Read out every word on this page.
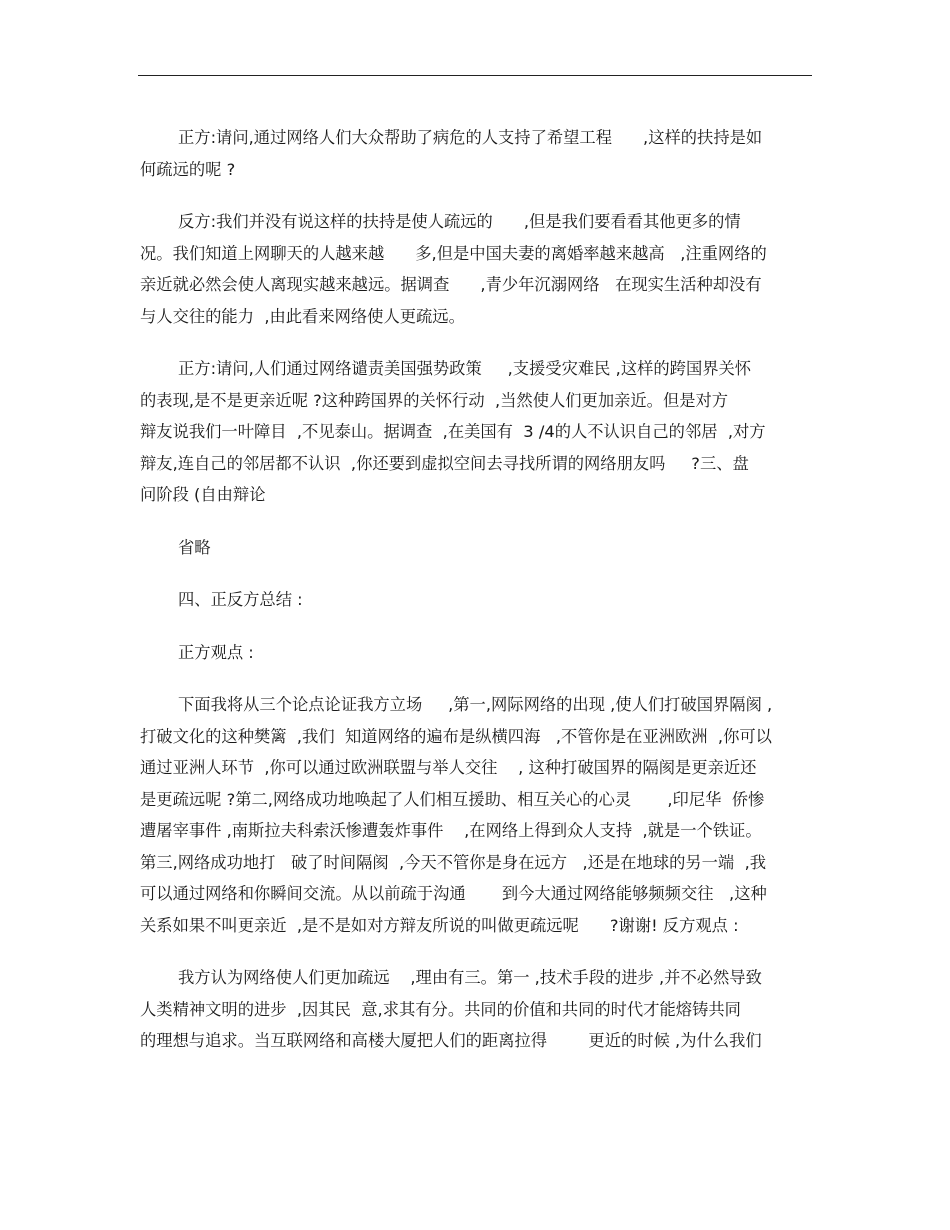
正方:请问,通过网络人们大众帮助了病危的人支持了希望工程      ,这样的扶持是如
何疏远的呢 ?
反方:我们并没有说这样的扶持是使人疏远的      ,但是我们要看看其他更多的情
况。我们知道上网聊天的人越来越      多,但是中国夫妻的离婚率越来越高   ,注重网络的
亲近就必然会使人离现实越来越远。据调查      ,青少年沉溺网络   在现实生活种却没有
与人交往的能力  ,由此看来网络使人更疏远。
正方:请问,人们通过网络谴责美国强势政策     ,支援受灾难民 ,这样的跨国界关怀
的表现,是不是更亲近呢 ?这种跨国界的关怀行动  ,当然使人们更加亲近。但是对方
辩友说我们一叶障目  ,不见泰山。据调查  ,在美国有  3 /4的人不认识自己的邻居  ,对方
辩友,连自己的邻居都不认识  ,你还要到虚拟空间去寻找所谓的网络朋友吗     ?三、盘
问阶段 (自由辩论
省略
四、正反方总结 :
正方观点 :
下面我将从三个论点论证我方立场     ,第一,网际网络的出现 ,使人们打破国界隔阂 ,
打破文化的这种樊篱  ,我们  知道网络的遍布是纵横四海   ,不管你是在亚洲欧洲  ,你可以
通过亚洲人环节  ,你可以通过欧洲联盟与举人交往    , 这种打破国界的隔阂是更亲近还
是更疏远呢 ?第二,网络成功地唤起了人们相互援助、相互关心的心灵       ,印尼华  侨惨
遭屠宰事件 ,南斯拉夫科索沃惨遭轰炸事件    ,在网络上得到众人支持  ,就是一个铁证。
第三,网络成功地打   破了时间隔阂  ,今天不管你是身在远方   ,还是在地球的另一端  ,我
可以通过网络和你瞬间交流。从以前疏于沟通       到今大通过网络能够频频交往   ,这种
关系如果不叫更亲近  ,是不是如对方辩友所说的叫做更疏远呢      ?谢谢! 反方观点 :
我方认为网络使人们更加疏远    ,理由有三。第一 ,技术手段的进步 ,并不必然导致
人类精神文明的进步  ,因其民  意,求其有分。共同的价值和共同的时代才能熔铸共同
的理想与追求。当互联网络和高楼大厦把人们的距离拉得        更近的时候 ,为什么我们
